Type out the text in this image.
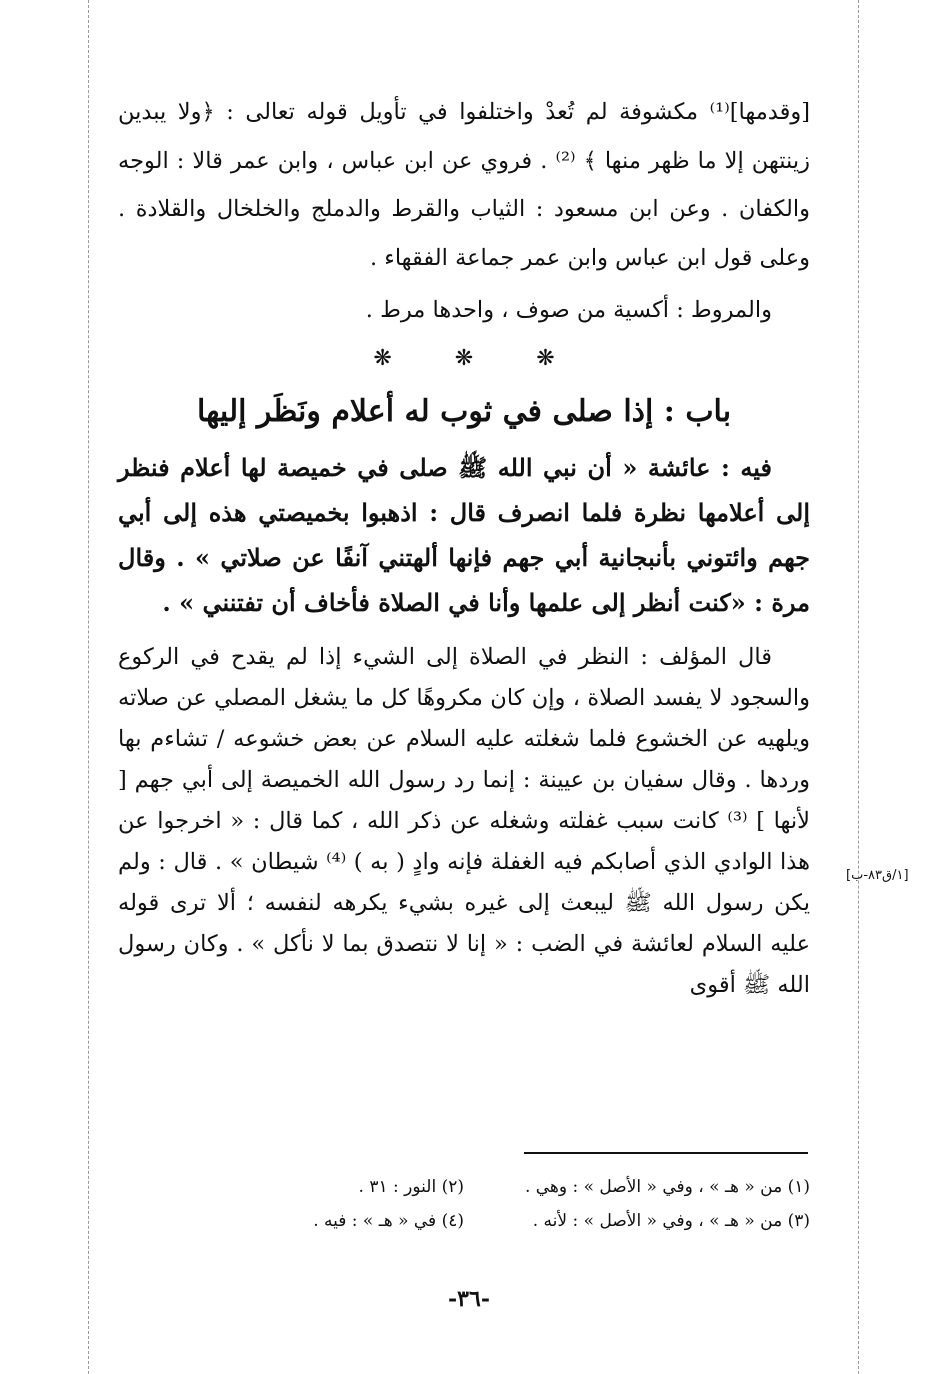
[وقدمها]⁽¹⁾ مكشوفة لم تُعدْ واختلفوا في تأويل قوله تعالى : ﴿ولا يبدين زينتهن إلا ما ظهر منها ﴾ ⁽²⁾ . فروي عن ابن عباس ، وابن عمر قالا : الوجه والكفان . وعن ابن مسعود : الثياب والقرط والدملج والخلخال والقلادة . وعلى قول ابن عباس وابن عمر جماعة الفقهاء .

والمروط : أكسية من صوف ، واحدها مرط .

❋	❋	❋
باب : إذا صلى في ثوب له أعلام ونَظَر إليها

فيه : عائشة « أن نبي الله ﷺ صلى في خميصة لها أعلام فنظر إلى أعلامها نظرة فلما انصرف قال : اذهبوا بخميصتي هذه إلى أبي جهم وائتوني بأنبجانية أبي جهم فإنها ألهتني آنفًا عن صلاتي » . وقال مرة : «كنت أنظر إلى علمها وأنا في الصلاة فأخاف أن تفتنني » .

قال المؤلف : النظر في الصلاة إلى الشيء إذا لم يقدح في الركوع والسجود لا يفسد الصلاة ، وإن كان مكروهًا كل ما يشغل المصلي عن صلاته ويلهيه عن الخشوع فلما شغلته عليه السلام عن بعض خشوعه / تشاءم بها وردها . وقال سفيان بن عيينة : إنما رد رسول الله الخميصة إلى أبي جهم [ لأنها ] ⁽³⁾ كانت سبب غفلته وشغله عن ذكر الله ، كما قال : « اخرجوا عن هذا الوادي الذي أصابكم فيه الغفلة فإنه وادٍ ( به ) ⁽⁴⁾ شيطان » . قال : ولم يكن رسول الله ﷺ ليبعث إلى غيره بشيء يكرهه لنفسه ؛ ألا ترى قوله عليه السلام لعائشة في الضب : « إنا لا نتصدق بما لا نأكل » . وكان رسول الله ﷺ أقوى

[١/ق٨٣-ب]
(١) من « هـ » ، وفي « الأصل » : وهي .
(٢) النور : ٣١ .
(٣) من « هـ » ، وفي « الأصل » : لأنه .
(٤) في « هـ » : فيه .
-٣٦-
